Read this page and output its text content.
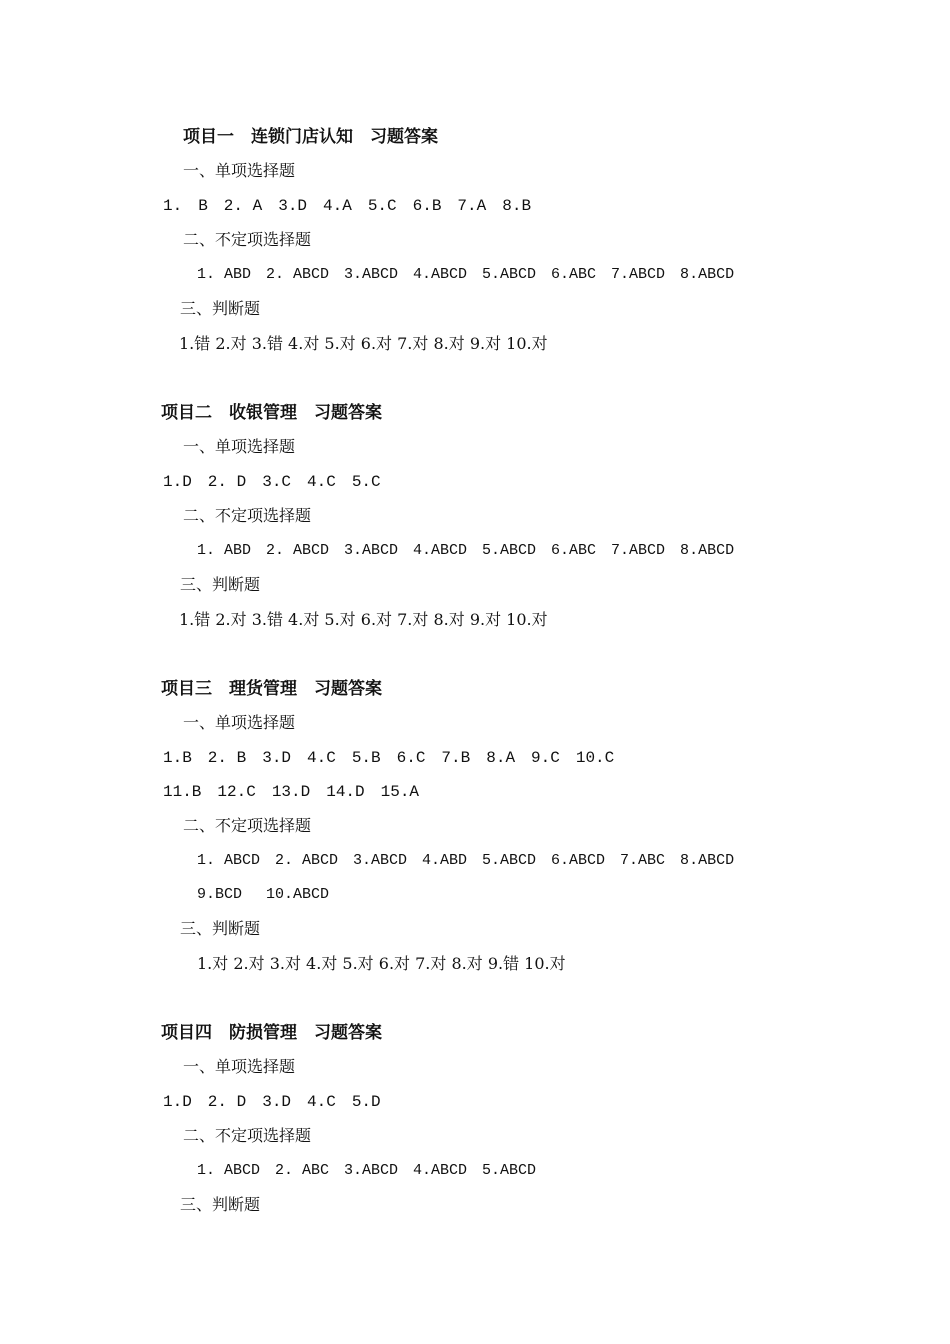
项目一　连锁门店认知　习题答案
一、单项选择题
1.　B　2. A　3.D　4.A　5.C　6.B　7.A　8.B
二、不定项选择题
1. ABD　2. ABCD　3.ABCD　4.ABCD　5.ABCD　6.ABC　7.ABCD　8.ABCD
三、判断题
1.错 2.对 3.错 4.对 5.对 6.对 7.对 8.对 9.对 10.对
项目二　收银管理　习题答案
一、单项选择题
1.D　2. D　3.C　4.C　5.C
二、不定项选择题
1. ABD　2. ABCD　3.ABCD　4.ABCD　5.ABCD　6.ABC　7.ABCD　8.ABCD
三、判断题
1.错 2.对 3.错 4.对 5.对 6.对 7.对 8.对 9.对 10.对
项目三　理货管理　习题答案
一、单项选择题
1.B　2. B　3.D　4.C　5.B　6.C　7.B　8.A　9.C　10.C
11.B　12.C　13.D　14.D　15.A
二、不定项选择题
1. ABCD　2. ABCD　3.ABCD　4.ABD　5.ABCD　6.ABCD　7.ABC　8.ABCD
9.BCD　 10.ABCD
三、判断题
1.对 2.对 3.对 4.对 5.对 6.对 7.对 8.对 9.错 10.对
项目四　防损管理　习题答案
一、单项选择题
1.D　2. D　3.D　4.C　5.D
二、不定项选择题
1. ABCD　2. ABC　3.ABCD　4.ABCD　5.ABCD
三、判断题
